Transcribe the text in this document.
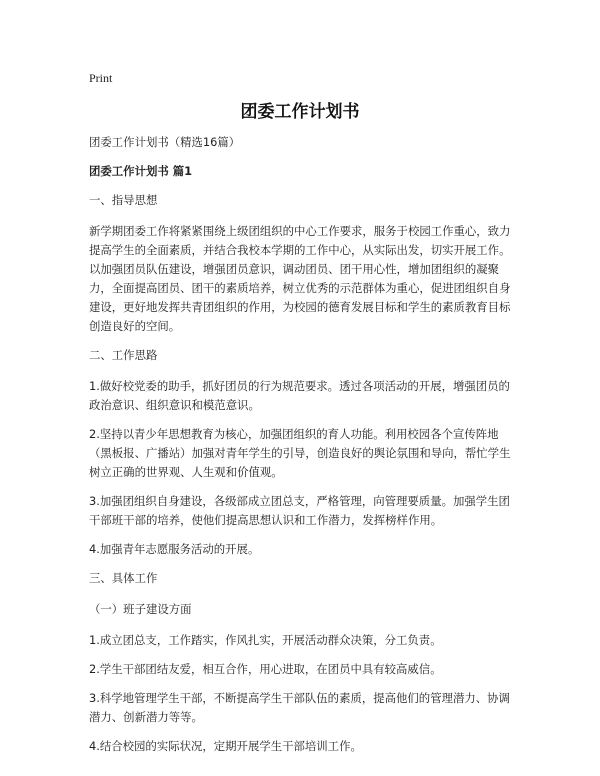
Print
团委工作计划书

团委工作计划书（精选16篇）

团委工作计划书 篇1

一、指导思想

新学期团委工作将紧紧围绕上级团组织的中心工作要求，服务于校园工作重心，致力提高学生的全面素质，并结合我校本学期的工作中心，从实际出发，切实开展工作。以加强团员队伍建设，增强团员意识，调动团员、团干用心性，增加团组织的凝聚力，全面提高团员、团干的素质培养，树立优秀的示范群体为重心，促进团组织自身建设，更好地发挥共青团组织的作用，为校园的德育发展目标和学生的素质教育目标创造良好的空间。

二、工作思路

1.做好校党委的助手，抓好团员的行为规范要求。透过各项活动的开展，增强团员的政治意识、组织意识和模范意识。

2.坚持以青少年思想教育为核心，加强团组织的育人功能。利用校园各个宣传阵地（黑板报、广播站）加强对青年学生的引导，创造良好的舆论氛围和导向，帮忙学生树立正确的世界观、人生观和价值观。

3.加强团组织自身建设，各级部成立团总支，严格管理，向管理要质量。加强学生团干部班干部的培养，使他们提高思想认识和工作潜力，发挥榜样作用。

4.加强青年志愿服务活动的开展。

三、具体工作

（一）班子建设方面

1.成立团总支，工作踏实，作风扎实，开展活动群众决策，分工负责。

2.学生干部团结友爱，相互合作，用心进取，在团员中具有较高威信。

3.科学地管理学生干部，不断提高学生干部队伍的素质，提高他们的管理潜力、协调潜力、创新潜力等等。

4.结合校园的实际状况，定期开展学生干部培训工作。
